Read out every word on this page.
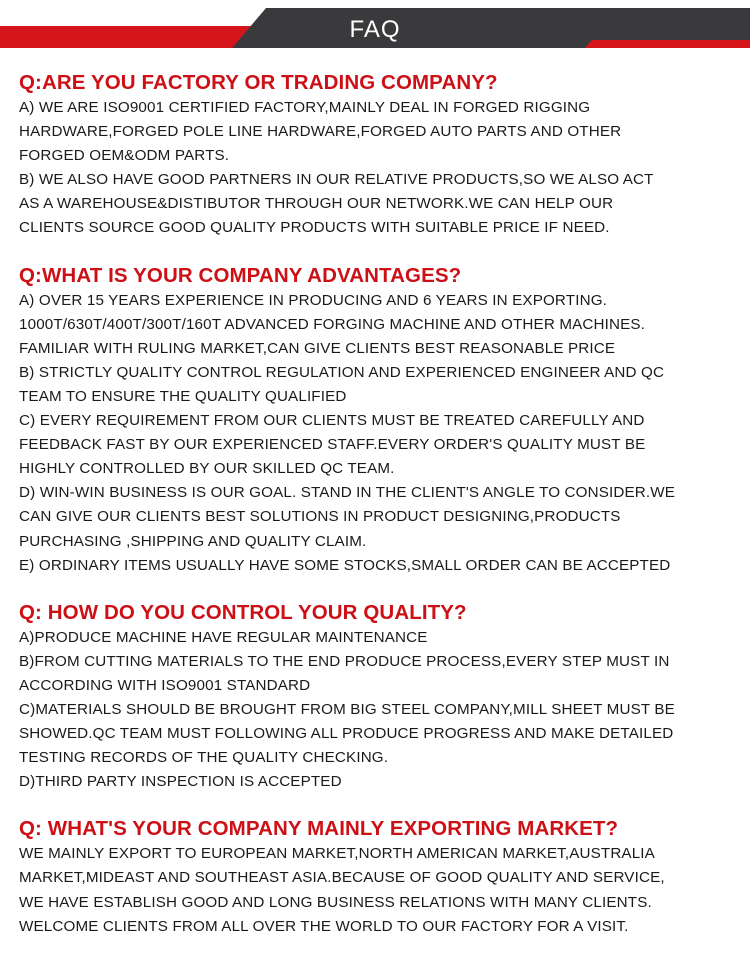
FAQ
Q:ARE YOU FACTORY OR TRADING COMPANY?
A) WE ARE ISO9001 CERTIFIED FACTORY,MAINLY DEAL IN FORGED RIGGING
HARDWARE,FORGED POLE LINE HARDWARE,FORGED AUTO PARTS AND OTHER
FORGED OEM&ODM PARTS.
B) WE ALSO HAVE GOOD PARTNERS IN OUR RELATIVE PRODUCTS,SO WE ALSO ACT
AS A WAREHOUSE&DISTIBUTOR THROUGH OUR NETWORK.WE CAN HELP OUR
CLIENTS SOURCE GOOD QUALITY PRODUCTS WITH SUITABLE PRICE IF NEED.
Q:WHAT IS YOUR COMPANY ADVANTAGES?
A) OVER 15 YEARS EXPERIENCE IN PRODUCING AND 6 YEARS IN EXPORTING.
1000T/630T/400T/300T/160T ADVANCED FORGING MACHINE AND OTHER MACHINES.
FAMILIAR WITH RULING MARKET,CAN GIVE CLIENTS BEST REASONABLE PRICE
B) STRICTLY QUALITY CONTROL REGULATION AND EXPERIENCED ENGINEER AND QC
TEAM TO ENSURE THE QUALITY QUALIFIED
C) EVERY REQUIREMENT FROM OUR CLIENTS MUST BE TREATED CAREFULLY AND
FEEDBACK FAST BY OUR EXPERIENCED STAFF.EVERY ORDER'S QUALITY MUST BE
HIGHLY CONTROLLED BY OUR SKILLED QC TEAM.
D) WIN-WIN BUSINESS IS OUR GOAL. STAND IN THE CLIENT'S ANGLE TO CONSIDER.WE
CAN GIVE OUR CLIENTS BEST SOLUTIONS IN PRODUCT DESIGNING,PRODUCTS
PURCHASING ,SHIPPING AND QUALITY CLAIM.
E) ORDINARY ITEMS USUALLY HAVE SOME STOCKS,SMALL ORDER CAN BE ACCEPTED
Q: HOW DO YOU CONTROL YOUR QUALITY?
A)PRODUCE MACHINE HAVE REGULAR MAINTENANCE
B)FROM CUTTING MATERIALS TO THE END PRODUCE PROCESS,EVERY STEP MUST IN
ACCORDING WITH ISO9001 STANDARD
C)MATERIALS SHOULD BE BROUGHT FROM BIG STEEL COMPANY,MILL SHEET MUST BE
SHOWED.QC TEAM MUST FOLLOWING ALL PRODUCE PROGRESS AND MAKE DETAILED
TESTING RECORDS OF THE QUALITY CHECKING.
D)THIRD PARTY INSPECTION IS ACCEPTED
Q: WHAT'S YOUR COMPANY MAINLY EXPORTING MARKET?
WE MAINLY EXPORT TO EUROPEAN MARKET,NORTH AMERICAN MARKET,AUSTRALIA
MARKET,MIDEAST AND SOUTHEAST ASIA.BECAUSE OF GOOD QUALITY AND SERVICE,
WE HAVE ESTABLISH GOOD AND LONG BUSINESS RELATIONS WITH MANY CLIENTS.
WELCOME CLIENTS FROM ALL OVER THE WORLD TO OUR FACTORY FOR A VISIT.
